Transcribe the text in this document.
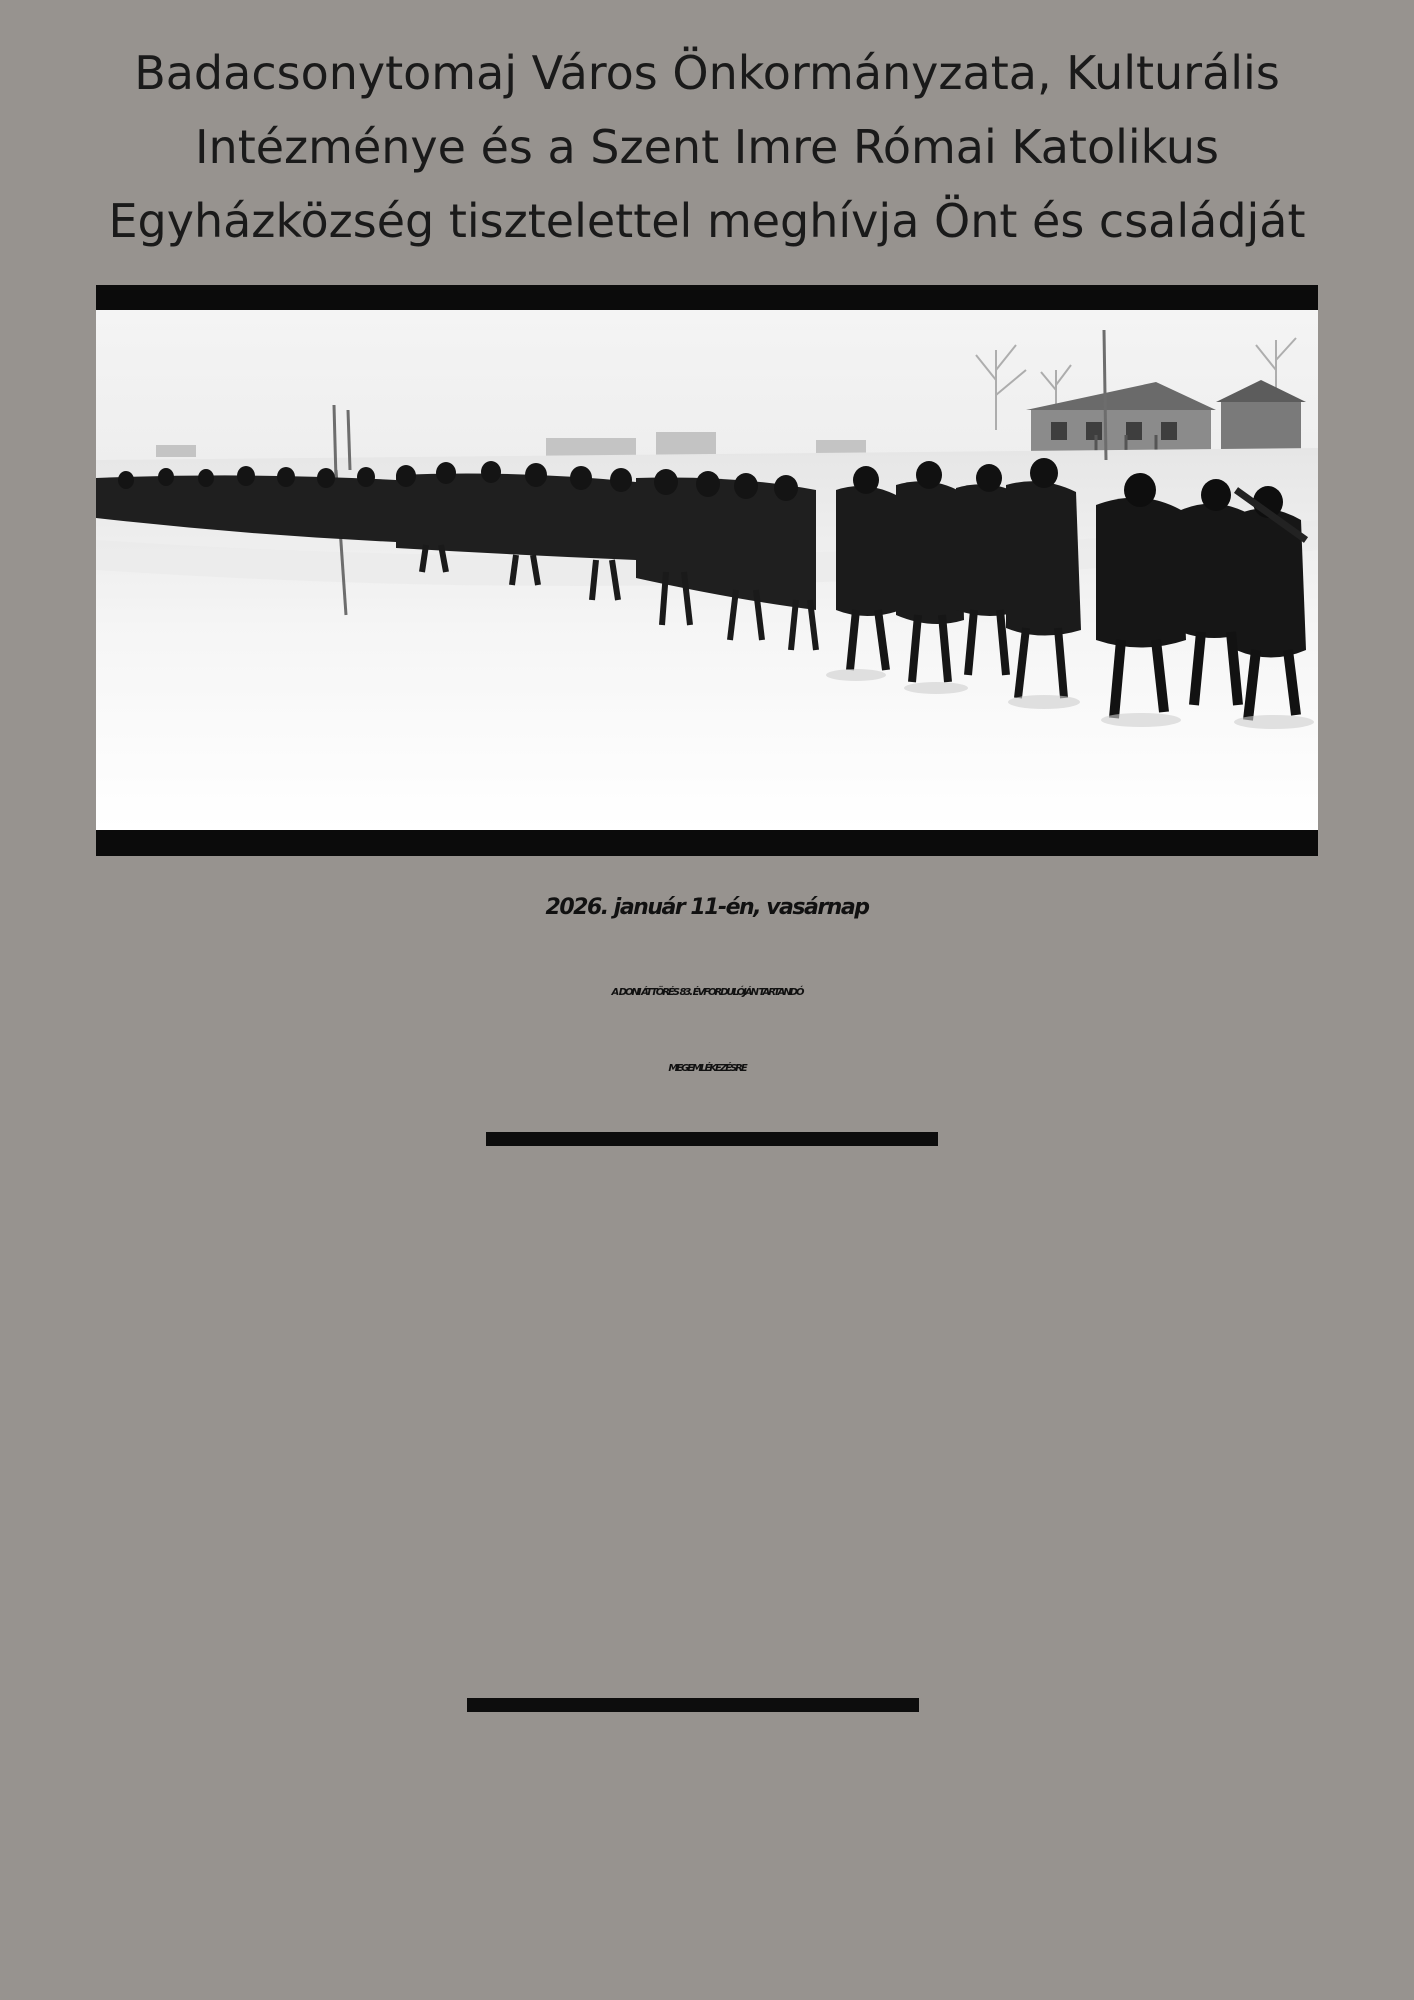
Badacsonytomaj Város Önkormányzata, Kulturális
Intézménye és a Szent Imre Római Katolikus
Egyházközség tisztelettel meghívja Önt és családját
2026. január 11-én, vasárnap
A DONI ÁTTÖRÉS 83. ÉVFORDULÓJÁN TARTANDÓ
MEGEMLÉKEZÉSRE
